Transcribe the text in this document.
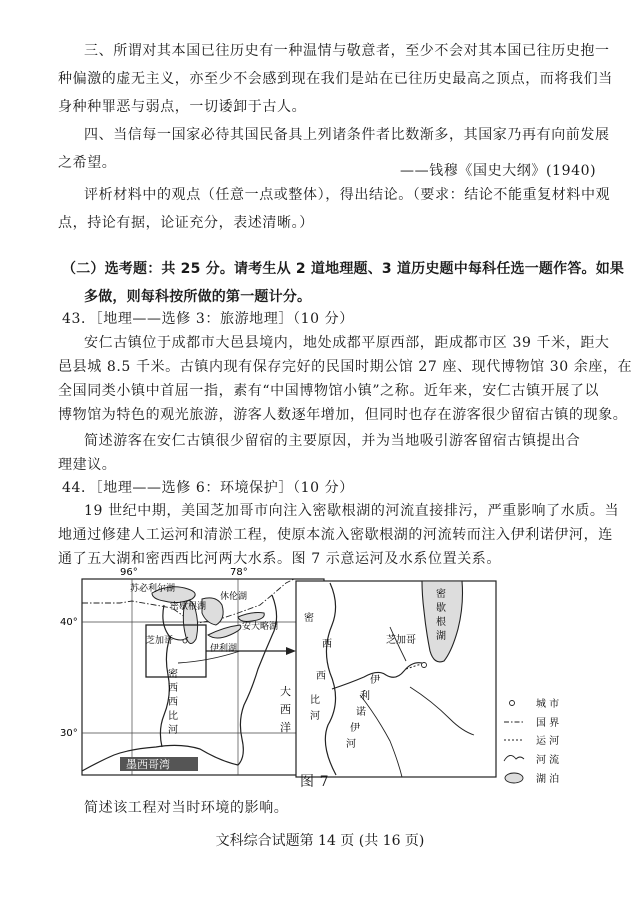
三、所谓对其本国已往历史有一种温情与敬意者，至少不会对其本国已往历史抱一
种偏激的虚无主义，亦至少不会感到现在我们是站在已往历史最高之顶点，而将我们当
身种种罪恶与弱点，一切诿卸于古人。
四、当信每一国家必待其国民备具上列诸条件者比数渐多，其国家乃再有向前发展
之希望。	——钱穆《国史大纲》(1940)
评析材料中的观点（任意一点或整体），得出结论。（要求：结论不能重复材料中观
点，持论有据，论证充分，表述清晰。）
（二）选考题：共 25 分。请考生从 2 道地理题、3 道历史题中每科任选一题作答。如果
多做，则每科按所做的第一题计分。
43．［地理——选修 3：旅游地理］（10 分）
安仁古镇位于成都市大邑县境内，地处成都平原西部，距成都市区 39 千米，距大
邑县城 8.5 千米。古镇内现有保存完好的民国时期公馆 27 座、现代博物馆 30 余座，在
全国同类小镇中首屈一指，素有“中国博物馆小镇”之称。近年来，安仁古镇开展了以
博物馆为特色的观光旅游，游客人数逐年增加，但同时也存在游客很少留宿古镇的现象。
简述游客在安仁古镇很少留宿的主要原因，并为当地吸引游客留宿古镇提出合
理建议。
44．［地理——选修 6：环境保护］（10 分）
19 世纪中期，美国芝加哥市向注入密歇根湖的河流直接排污，严重影响了水质。当
地通过修建人工运河和清淤工程，使原本流入密歇根湖的河流转而注入伊利诺伊河，连
通了五大湖和密西西比河两大水系。图 7 示意运河及水系位置关系。
96°	78°
40°
30°
墨西哥湾
苏必利尔湖
休伦湖
密歇根湖
安大略湖
伊利湖
芝加哥
密
西
西
比
河
大
西
洋
密
歇
根
湖
芝加哥
密
西
西
比
河
伊
利
诺
伊
河
城 市
国 界
运 河
河 流
湖 泊
图 7
简述该工程对当时环境的影响。
文科综合试题第 14 页 (共 16 页)
